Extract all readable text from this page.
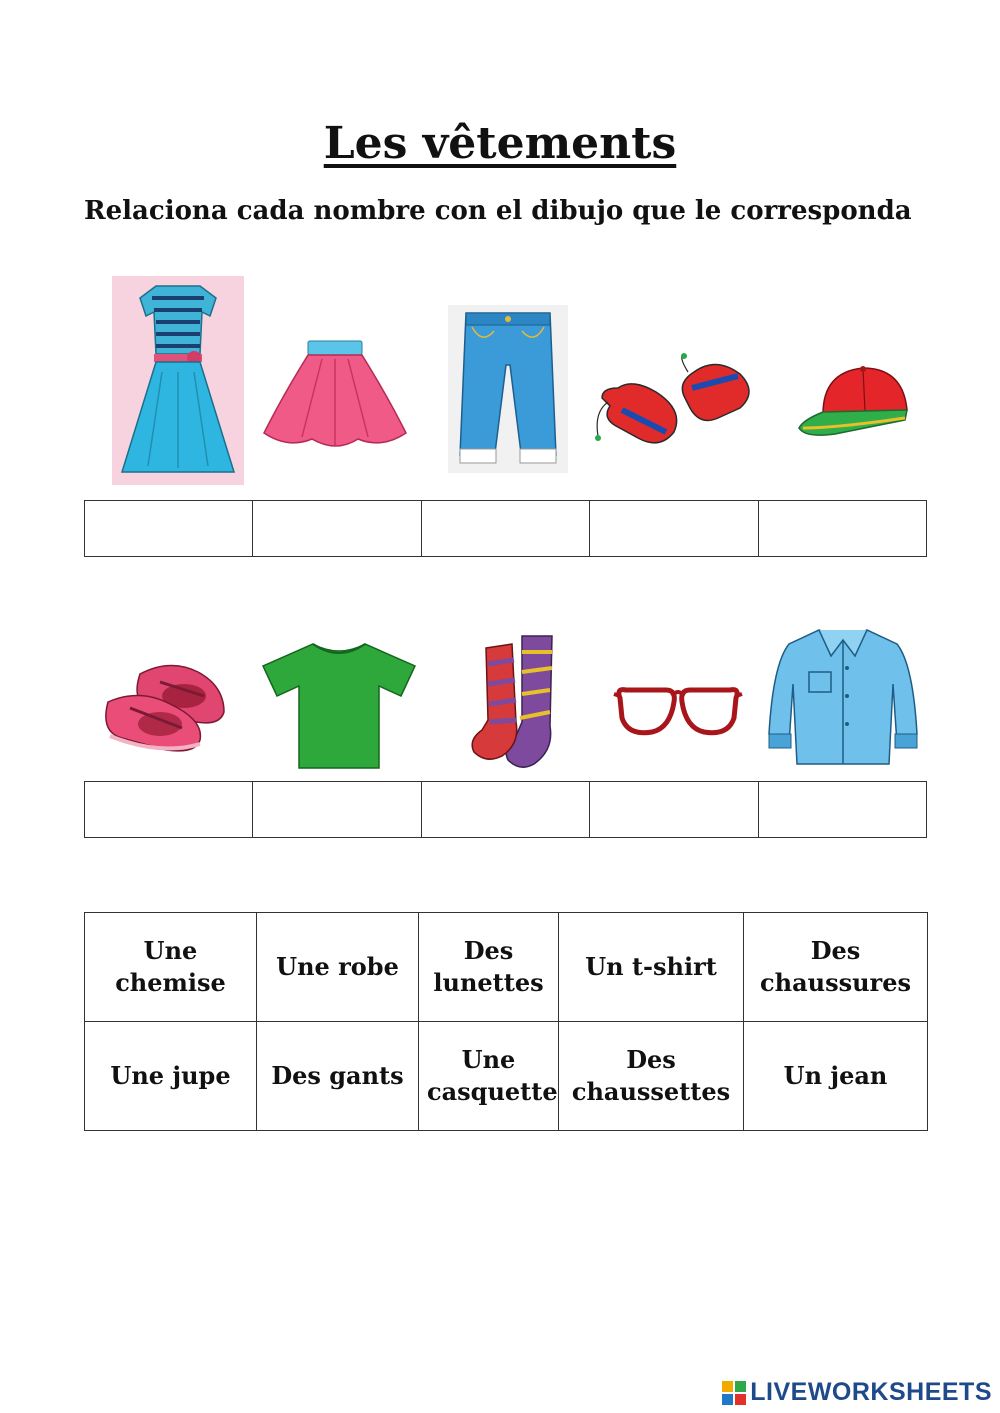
Les vêtements

Relaciona cada nombre con el dibujo que le corresponda

Une chemise	Une robe	Des lunettes	Un t-shirt	Des chaussures
Une jupe	Des gants	Une casquette	Des chaussettes	Un jean
LIVEWORKSHEETS
